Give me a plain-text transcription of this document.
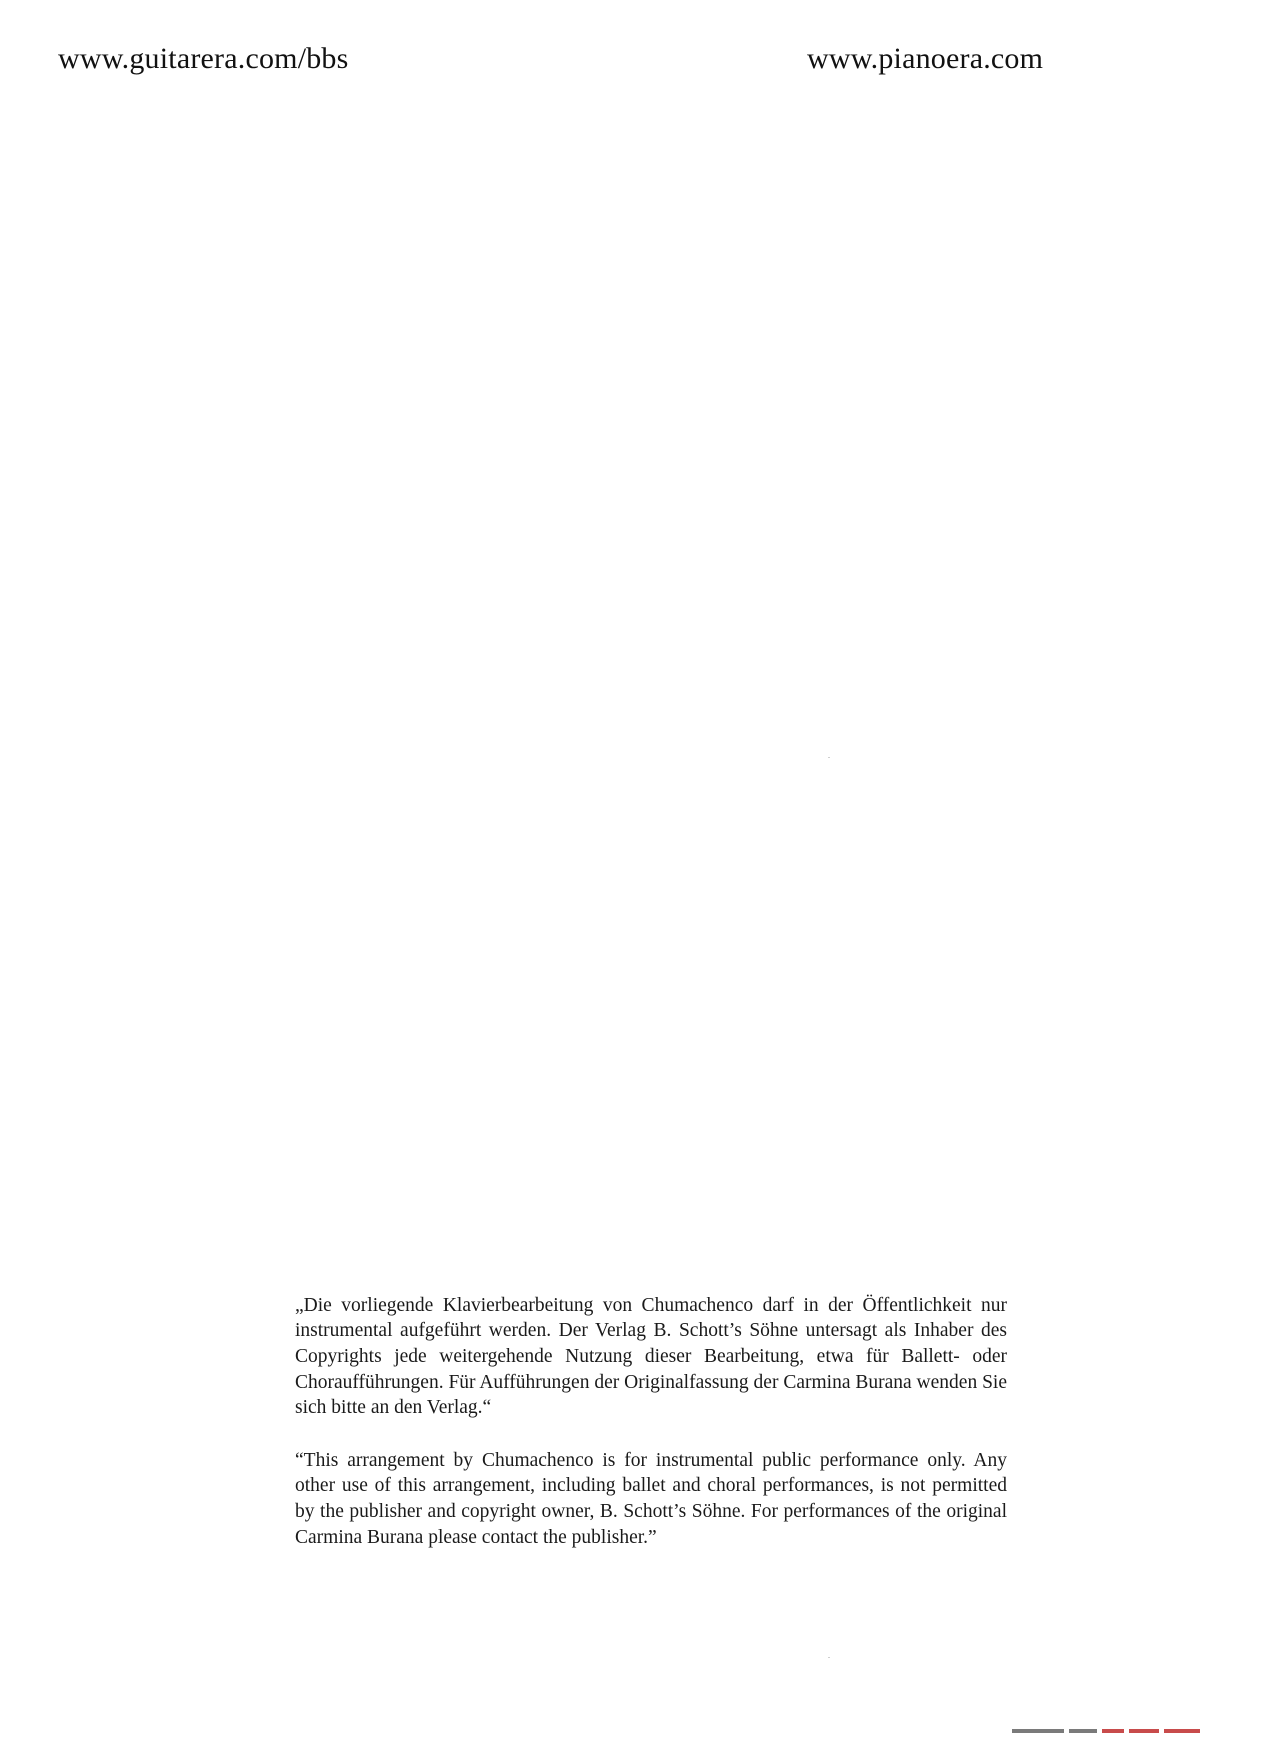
www.guitarera.com/bbs	www.pianoera.com

„Die vorliegende Klavierbearbeitung von Chumachenco darf in der Öffentlichkeit nur instrumental aufgeführt werden. Der Verlag B. Schott’s Söhne untersagt als Inhaber des Copyrights jede weitergehende Nutzung dieser Bearbeitung, etwa für Ballett- oder Choraufführungen. Für Aufführungen der Originalfassung der Carmina Burana wenden Sie sich bitte an den Verlag.“

“This arrangement by Chumachenco is for instrumental public performance only. Any other use of this arrangement, including ballet and choral performances, is not permitted by the publisher and copyright owner, B. Schott’s Söhne. For performances of the original Carmina Burana please contact the publisher.”
